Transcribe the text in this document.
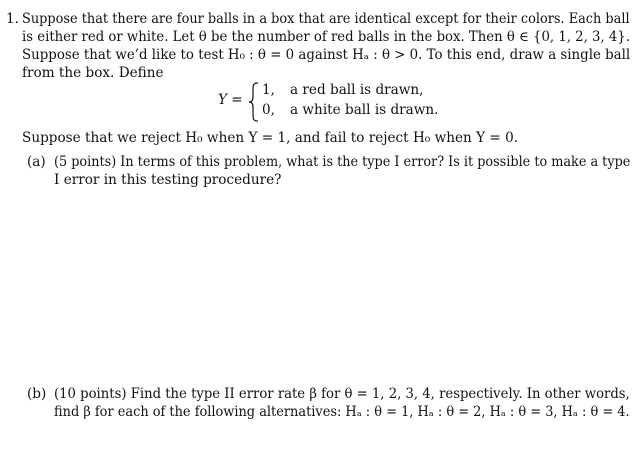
1. Suppose that there are four balls in a box that are identical except for their colors. Each ball
is either red or white. Let θ be the number of red balls in the box. Then θ ∈ {0, 1, 2, 3, 4}.
Suppose that we’d like to test H₀ : θ = 0 against Hₐ : θ > 0. To this end, draw a single ball
from the box. Define
Y =
1, a red ball is drawn,
0, a white ball is drawn.
Suppose that we reject H₀ when Y = 1, and fail to reject H₀ when Y = 0.
(a) (5 points) In terms of this problem, what is the type I error? Is it possible to make a type
I error in this testing procedure?
(b) (10 points) Find the type II error rate β for θ = 1, 2, 3, 4, respectively. In other words,
find β for each of the following alternatives: Hₐ : θ = 1, Hₐ : θ = 2, Hₐ : θ = 3, Hₐ : θ = 4.
